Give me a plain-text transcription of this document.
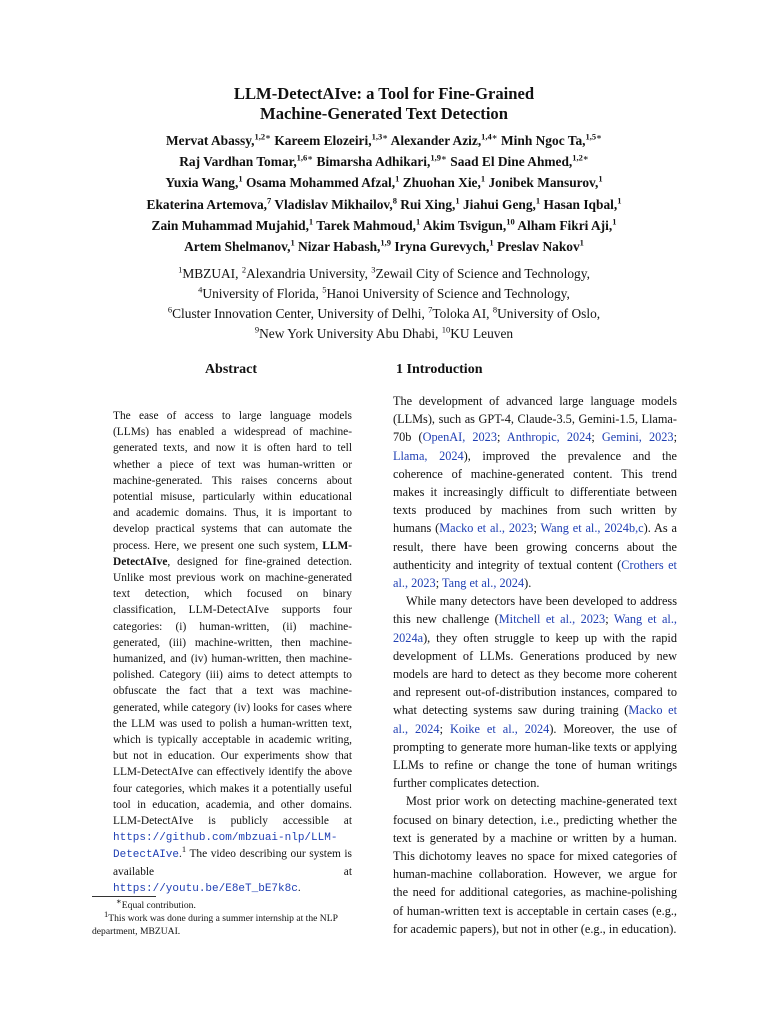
LLM-DetectAIve: a Tool for Fine-Grained
Machine-Generated Text Detection
Mervat Abassy,$^{1,2∗}$ Kareem Elozeiri,$^{1,3∗}$ Alexander Aziz,$^{1,4∗}$ Minh Ngoc Ta,$^{1,5∗}$
Raj Vardhan Tomar,$^{1,6∗}$ Bimarsha Adhikari,$^{1,9∗}$ Saad El Dine Ahmed,$^{1,2∗}$
Yuxia Wang,$^1$ Osama Mohammed Afzal,$^1$ Zhuohan Xie,$^1$ Jonibek Mansurov,$^1$
Ekaterina Artemova,$^7$ Vladislav Mikhailov,$^8$ Rui Xing,$^1$ Jiahui Geng,$^1$ Hasan Iqbal,$^1$
Zain Muhammad Mujahid,$^1$ Tarek Mahmoud,$^1$ Akim Tsvigun,$^{10}$ Alham Fikri Aji,$^1$
Artem Shelmanov,$^1$ Nizar Habash,$^{1,9}$ Iryna Gurevych,$^1$ Preslav Nakov$^1$
$^1$MBZUAI, $^2$Alexandria University, $^3$Zewail City of Science and Technology,
$^4$University of Florida, $^5$Hanoi University of Science and Technology,
$^6$Cluster Innovation Center, University of Delhi, $^7$Toloka AI, $^8$University of Oslo,
$^9$New York University Abu Dhabi, $^{10}$KU Leuven
Abstract	1 Introduction
The ease of access to large language models (LLMs) has enabled a widespread of machine-generated texts, and now it is often hard to tell whether a piece of text was human-written or machine-generated. This raises concerns about potential misuse, particularly within educational and academic domains. Thus, it is important to develop practical systems that can automate the process. Here, we present one such system, LLM-DetectAIve, designed for fine-grained detection. Unlike most previous work on machine-generated text detection, which focused on binary classification, LLM-DetectAIve supports four categories: (i) human-written, (ii) machine-generated, (iii) machine-written, then machine-humanized, and (iv) human-written, then machine-polished. Category (iii) aims to detect attempts to obfuscate the fact that a text was machine-generated, while category (iv) looks for cases where the LLM was used to polish a human-written text, which is typically acceptable in academic writing, but not in education. Our experiments show that LLM-DetectAIve can effectively identify the above four categories, which makes it a potentially useful tool in education, academia, and other domains. LLM-DetectAIve is publicly accessible at https://github.com/mbzuai-nlp/LLM-DetectAIve.$^1$ The video describing our system is available at https://youtu.be/E8eT_bE7k8c.

The development of advanced large language models (LLMs), such as GPT-4, Claude-3.5, Gemini-1.5, Llama-70b (OpenAI, 2023; Anthropic, 2024; Gemini, 2023; Llama, 2024), improved the prevalence and the coherence of machine-generated content. This trend makes it increasingly difficult to differentiate between texts produced by machines from such written by humans (Macko et al., 2023; Wang et al., 2024b,c). As a result, there have been growing concerns about the authenticity and integrity of textual content (Crothers et al., 2023; Tang et al., 2024).

While many detectors have been developed to address this new challenge (Mitchell et al., 2023; Wang et al., 2024a), they often struggle to keep up with the rapid development of LLMs. Generations produced by new models are hard to detect as they become more coherent and represent out-of-distribution instances, compared to what detecting systems saw during training (Macko et al., 2024; Koike et al., 2024). Moreover, the use of prompting to generate more human-like texts or applying LLMs to refine or change the tone of human writings further complicates detection.

Most prior work on detecting machine-generated text focused on binary detection, i.e., predicting whether the text is generated by a machine or written by a human. This dichotomy leaves no space for mixed categories of human-machine collaboration. However, we argue for the need for additional categories, as machine-polishing of human-written text is acceptable in certain cases (e.g., for academic papers), but not in other (e.g., in education).

∗Equal contribution.
$^1$This work was done during a summer internship at the NLP department, MBZUAI.
